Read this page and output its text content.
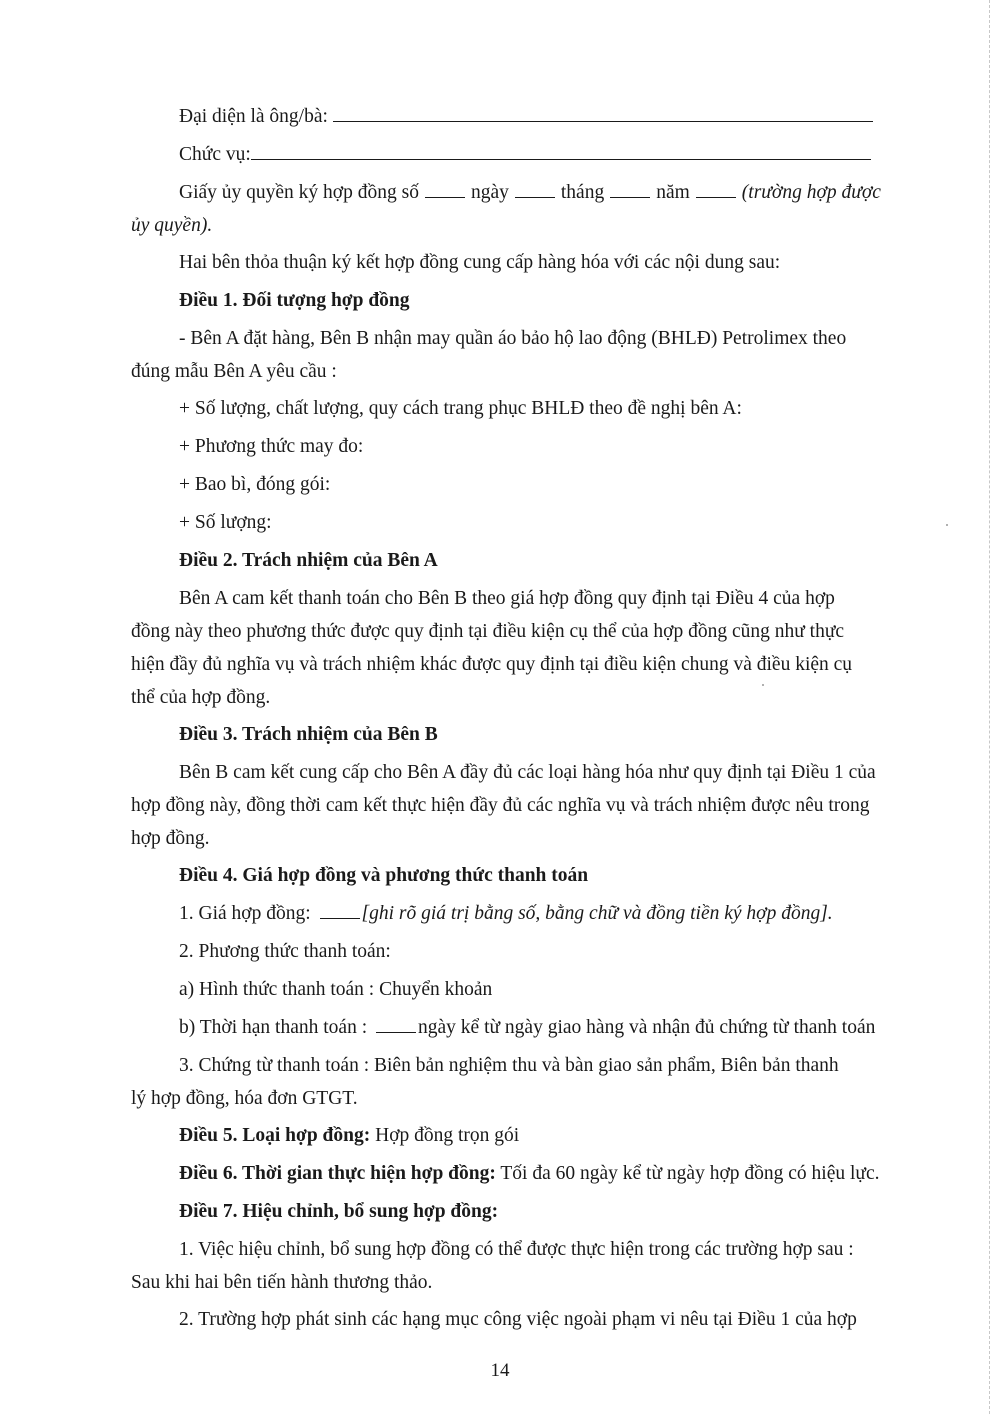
Đại diện là ông/bà:

Chức vụ:

Giấy ủy quyền ký hợp đồng số	ngày	tháng	năm	(trường hợp được
ủy quyền).

Hai bên thỏa thuận ký kết hợp đồng cung cấp hàng hóa với các nội dung sau:

Điều 1. Đối tượng hợp đồng

- Bên A đặt hàng, Bên B nhận may quần áo bảo hộ lao động (BHLĐ) Petrolimex theo
đúng mẫu Bên A yêu cầu :

+ Số lượng, chất lượng, quy cách trang phục BHLĐ theo đề nghị bên A:

+ Phương thức may đo:

+ Bao bì, đóng gói:

+ Số lượng:

Điều 2. Trách nhiệm của Bên A

Bên A cam kết thanh toán cho Bên B theo giá hợp đồng quy định tại Điều 4 của hợp
đồng này theo phương thức được quy định tại điều kiện cụ thể của hợp đồng cũng như thực
hiện đầy đủ nghĩa vụ và trách nhiệm khác được quy định tại điều kiện chung và điều kiện cụ
thể của hợp đồng.

Điều 3. Trách nhiệm của Bên B

Bên B cam kết cung cấp cho Bên A đầy đủ các loại hàng hóa như quy định tại Điều 1 của
hợp đồng này, đồng thời cam kết thực hiện đầy đủ các nghĩa vụ và trách nhiệm được nêu trong
hợp đồng.

Điều 4. Giá hợp đồng và phương thức thanh toán

1. Giá hợp đồng:	[ghi rõ giá trị bằng số, bằng chữ và đồng tiền ký hợp đồng].

2. Phương thức thanh toán:

a) Hình thức thanh toán : Chuyển khoản

b) Thời hạn thanh toán :	ngày kể từ ngày giao hàng và nhận đủ chứng từ thanh toán

3. Chứng từ thanh toán : Biên bản nghiệm thu và bàn giao sản phẩm, Biên bản thanh
lý hợp đồng, hóa đơn GTGT.

Điều 5. Loại hợp đồng: Hợp đồng trọn gói

Điều 6. Thời gian thực hiện hợp đồng: Tối đa 60 ngày kể từ ngày hợp đồng có hiệu lực.

Điều 7. Hiệu chỉnh, bổ sung hợp đồng:

1. Việc hiệu chỉnh, bổ sung hợp đồng có thể được thực hiện trong các trường hợp sau :
Sau khi hai bên tiến hành thương thảo.

2. Trường hợp phát sinh các hạng mục công việc ngoài phạm vi nêu tại Điều 1 của hợp

14
